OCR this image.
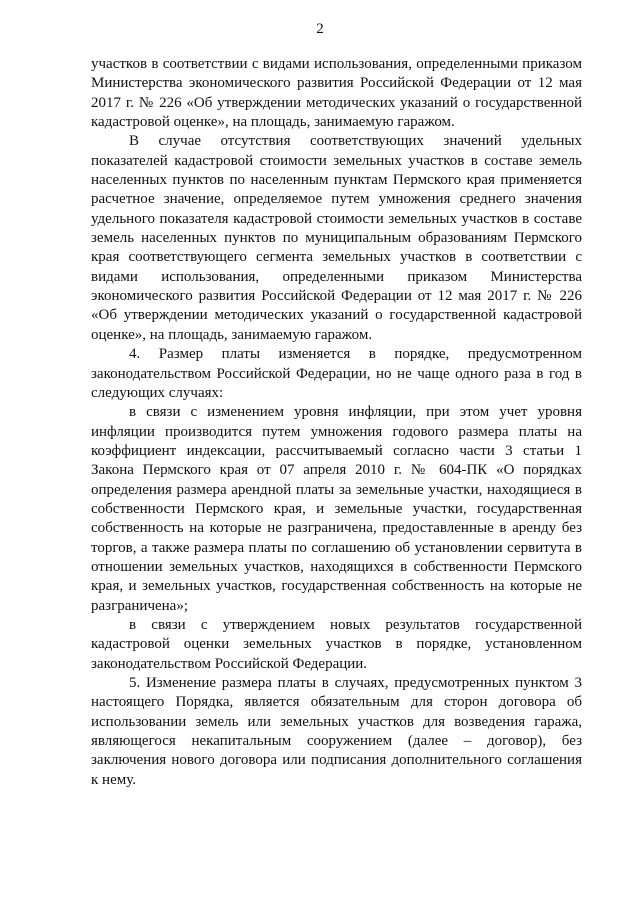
2

участков в соответствии с видами использования, определенными приказом Министерства экономического развития Российской Федерации от 12 мая 2017 г. № 226 «Об утверждении методических указаний о государственной кадастровой оценке», на площадь, занимаемую гаражом.

В случае отсутствия соответствующих значений удельных показателей кадастровой стоимости земельных участков в составе земель населенных пунктов по населенным пунктам Пермского края применяется расчетное значение, определяемое путем умножения среднего значения удельного показателя кадастровой стоимости земельных участков в составе земель населенных пунктов по муниципальным образованиям Пермского края соответствующего сегмента земельных участков в соответствии с видами использования, определенными приказом Министерства экономического развития Российской Федерации от 12 мая 2017 г. № 226 «Об утверждении методических указаний о государственной кадастровой оценке», на площадь, занимаемую гаражом.

4. Размер платы изменяется в порядке, предусмотренном законодательством Российской Федерации, но не чаще одного раза в год в следующих случаях:

в связи с изменением уровня инфляции, при этом учет уровня инфляции производится путем умножения годового размера платы на коэффициент индексации, рассчитываемый согласно части 3 статьи 1 Закона Пермского края от 07 апреля 2010 г. № 604-ПК «О порядках определения размера арендной платы за земельные участки, находящиеся в собственности Пермского края, и земельные участки, государственная собственность на которые не разграничена, предоставленные в аренду без торгов, а также размера платы по соглашению об установлении сервитута в отношении земельных участков, находящихся в собственности Пермского края, и земельных участков, государственная собственность на которые не разграничена»;

в связи с утверждением новых результатов государственной кадастровой оценки земельных участков в порядке, установленном законодательством Российской Федерации.

5. Изменение размера платы в случаях, предусмотренных пунктом 3 настоящего Порядка, является обязательным для сторон договора об использовании земель или земельных участков для возведения гаража, являющегося некапитальным сооружением (далее – договор), без заключения нового договора или подписания дополнительного соглашения к нему.
